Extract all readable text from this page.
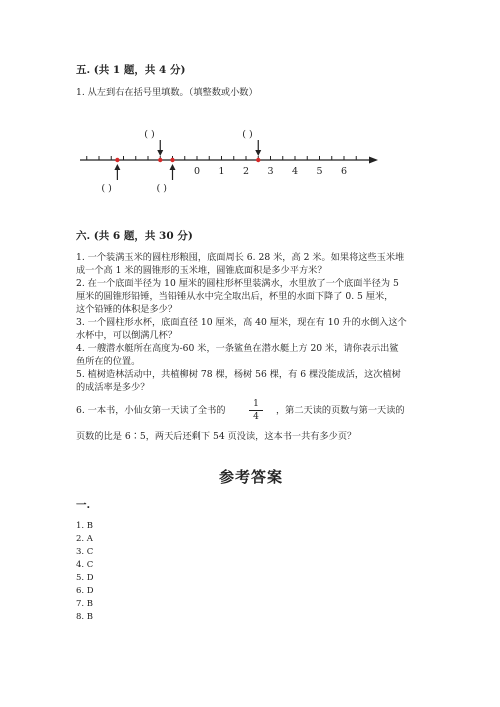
五. (共 1 题，共 4 分)
1. 从左到右在括号里填数。（填整数或小数）
0 1 2 3 4 5 6
( )
( )
( )
( )
六. (共 6 题，共 30 分)
1. 一个装满玉米的圆柱形粮囤，底面周长 6. 28 米，高 2 米。如果将这些玉米堆
成一个高 1 米的圆锥形的玉米堆，圆锥底面积是多少平方米？
2. 在一个底面半径为 10 厘米的圆柱形杯里装满水，水里放了一个底面半径为 5
厘米的圆锥形铅锤，当铅锤从水中完全取出后，杯里的水面下降了 0. 5 厘米，
这个铅锤的体积是多少？
3. 一个圆柱形水杯，底面直径 10 厘米，高 40 厘米，现在有 10 升的水倒入这个
水杯中，可以倒满几杯？
4. 一艘潜水艇所在高度为-60 米，一条鲨鱼在潜水艇上方 20 米，请你表示出鲨
鱼所在的位置。
5. 植树造林活动中，共植柳树 78 棵，杨树 56 棵，有 6 棵没能成活，这次植树
的成活率是多少？
6. 一本书，小仙女第一天读了全书的
1
4
，第二天读的页数与第一天读的
页数的比是 6∶5，两天后还剩下 54 页没读，这本书一共有多少页？
参考答案
一.
1. B
2. A
3. C
4. C
5. D
6. D
7. B
8. B
